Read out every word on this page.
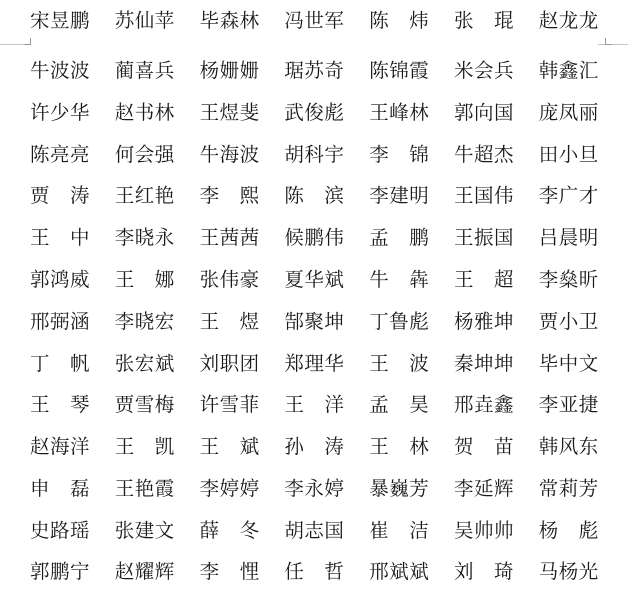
宋昱鹏	苏仙苹	毕森林	冯世军	陈　炜	张　琨	赵龙龙
牛波波	蔺喜兵	杨姗姗	琚苏奇	陈锦霞	米会兵	韩鑫汇
许少华	赵书林	王煜斐	武俊彪	王峰林	郭向国	庞凤丽
陈亮亮	何会强	牛海波	胡科宇	李　锦	牛超杰	田小旦
贾　涛	王红艳	李　熙	陈　滨	李建明	王国伟	李广才
王　中	李晓永	王茜茜	候鹏伟	孟　鹏	王振国	吕晨明
郭鸿威	王　娜	张伟豪	夏华斌	牛　犇	王　超	李燊昕
邢弼涵	李晓宏	王　煜	郜聚坤	丁鲁彪	杨雅坤	贾小卫
丁　帆	张宏斌	刘职团	郑理华	王　波	秦坤坤	毕中文
王　琴	贾雪梅	许雪菲	王　洋	孟　昊	邢垚鑫	李亚捷
赵海洋	王　凯	王　斌	孙　涛	王　林	贺　苗	韩风东
申　磊	王艳霞	李婷婷	李永婷	暴巍芳	李延辉	常莉芳
史路瑶	张建文	薛　冬	胡志国	崔　洁	吴帅帅	杨　彪
郭鹏宁	赵耀辉	李　悝	任　哲	邢斌斌	刘　琦	马杨光
